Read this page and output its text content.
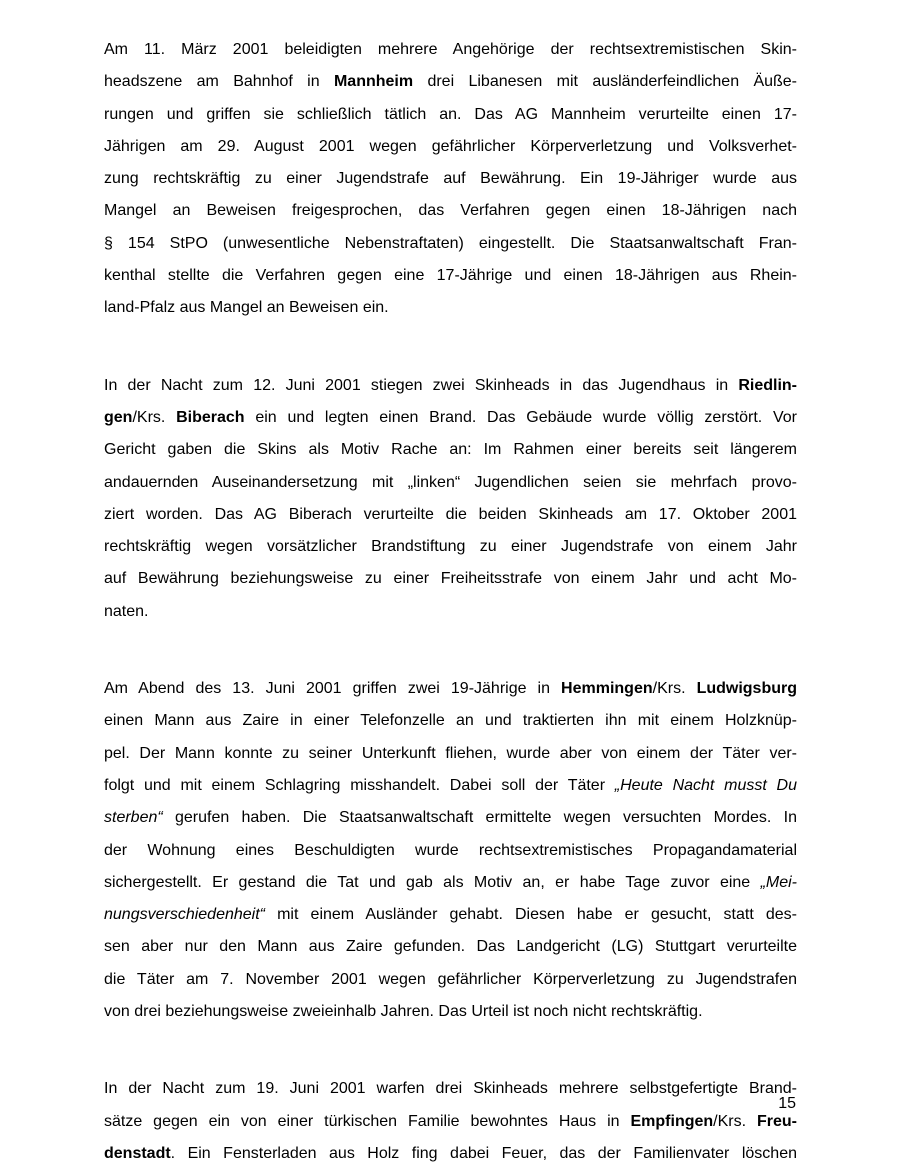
Am 11. März 2001 beleidigten mehrere Angehörige der rechtsextremistischen Skin-
headszene am Bahnhof in Mannheim drei Libanesen mit ausländerfeindlichen Äuße-
rungen und griffen sie schließlich tätlich an. Das AG Mannheim verurteilte einen 17-
Jährigen am 29. August 2001 wegen gefährlicher Körperverletzung und Volksverhet-
zung rechtskräftig zu einer Jugendstrafe auf Bewährung. Ein 19-Jähriger wurde aus
Mangel an Beweisen freigesprochen, das Verfahren gegen einen 18-Jährigen nach
§ 154 StPO (unwesentliche Nebenstraftaten) eingestellt. Die Staatsanwaltschaft Fran-
kenthal stellte die Verfahren gegen eine 17-Jährige und einen 18-Jährigen aus Rhein-
land-Pfalz aus Mangel an Beweisen ein.
In der Nacht zum 12. Juni 2001 stiegen zwei Skinheads in das Jugendhaus in Riedlin-
gen/Krs. Biberach ein und legten einen Brand. Das Gebäude wurde völlig zerstört. Vor
Gericht gaben die Skins als Motiv Rache an: Im Rahmen einer bereits seit längerem
andauernden Auseinandersetzung mit „linken“ Jugendlichen seien sie mehrfach provo-
ziert worden. Das AG Biberach verurteilte die beiden Skinheads am 17. Oktober 2001
rechtskräftig wegen vorsätzlicher Brandstiftung zu einer Jugendstrafe von einem Jahr
auf Bewährung beziehungsweise zu einer Freiheitsstrafe von einem Jahr und acht Mo-
naten.
Am Abend des 13. Juni 2001 griffen zwei 19-Jährige in Hemmingen/Krs. Ludwigsburg
einen Mann aus Zaire in einer Telefonzelle an und traktierten ihn mit einem Holzknüp-
pel. Der Mann konnte zu seiner Unterkunft fliehen, wurde aber von einem der Täter ver-
folgt und mit einem Schlagring misshandelt. Dabei soll der Täter „Heute Nacht musst Du
sterben“ gerufen haben. Die Staatsanwaltschaft ermittelte wegen versuchten Mordes. In
der Wohnung eines Beschuldigten wurde rechtsextremistisches Propagandamaterial
sichergestellt. Er gestand die Tat und gab als Motiv an, er habe Tage zuvor eine „Mei-
nungsverschiedenheit“ mit einem Ausländer gehabt. Diesen habe er gesucht, statt des-
sen aber nur den Mann aus Zaire gefunden. Das Landgericht (LG) Stuttgart verurteilte
die Täter am 7. November 2001 wegen gefährlicher Körperverletzung zu Jugendstrafen
von drei beziehungsweise zweieinhalb Jahren. Das Urteil ist noch nicht rechtskräftig.
In der Nacht zum 19. Juni 2001 warfen drei Skinheads mehrere selbstgefertigte Brand-
sätze gegen ein von einer türkischen Familie bewohntes Haus in Empfingen/Krs. Freu-
denstadt. Ein Fensterladen aus Holz fing dabei Feuer, das der Familienvater löschen
15
